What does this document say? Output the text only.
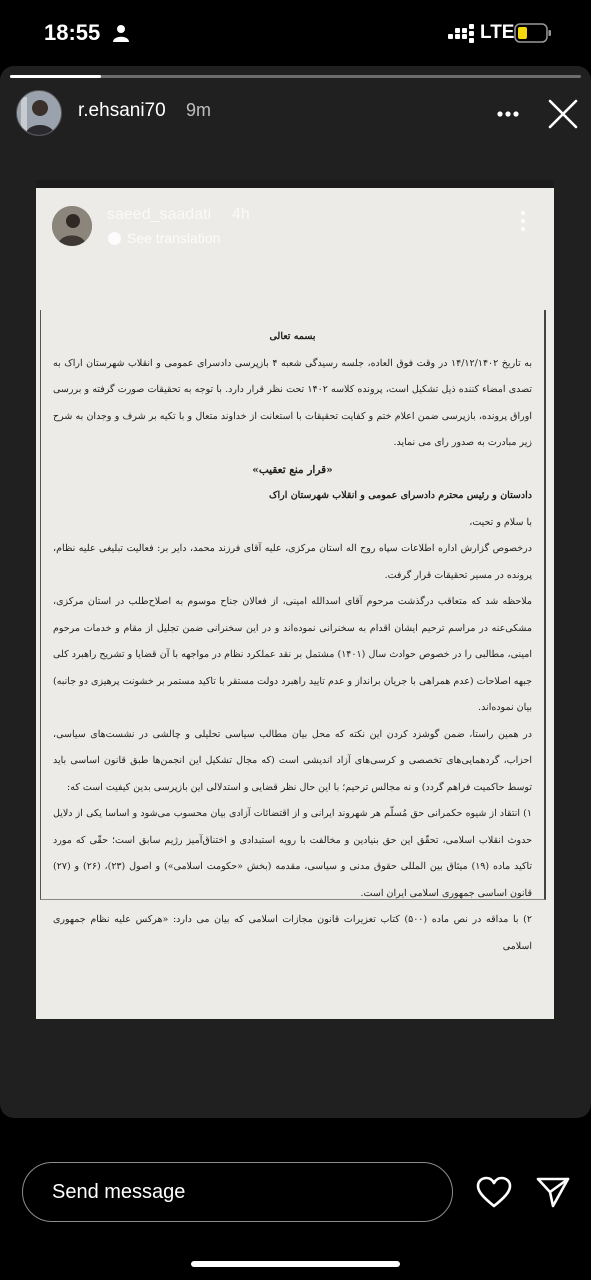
18:55	LTE
r.ehsani70 9m
saeed_saadati 4h
See translation

بسمه تعالی

به تاریخ ۱۴/۱۲/۱۴۰۲ در وقت فوق العاده، جلسه رسیدگی شعبه ۴ بازپرسی دادسرای عمومی و انقلاب شهرستان اراک به تصدی امضاء کننده ذیل تشکیل است، پرونده کلاسه ۱۴۰۲ تحت نظر قرار دارد. با توجه به تحقیقات صورت گرفته و بررسی اوراق پرونده، بازپرسی ضمن اعلام ختم و کفایت تحقیقات با استعانت از خداوند متعال و با تکیه بر شرف و وجدان به شرح زیر مبادرت به صدور رای می نماید.

«قرار منع تعقیب»

دادستان و رئیس محترم دادسرای عمومی و انقلاب شهرستان اراک

با سلام و تحیت،

درخصوص گزارش اداره اطلاعات سپاه روح اله استان مرکزی، علیه آقای فرزند محمد، دایر بر: فعالیت تبلیغی علیه نظام، پرونده در مسیر تحقیقات قرار گرفت.

ملاحظه شد که متعاقب درگذشت مرحوم آقای اسدالله امینی، از فعالان جناح موسوم به اصلاح‌طلب در استان مرکزی، مشکی‌عنه در مراسم ترحیم ایشان اقدام به سخنرانی نموده‌اند و در این سخنرانی ضمن تجلیل از مقام و خدمات مرحوم امینی، مطالبی را در خصوص حوادث سال (۱۴۰۱) مشتمل بر نقد عملکرد نظام در مواجهه با آن قضایا و تشریح راهبرد کلی جبهه اصلاحات (عدم همراهی با جریان برانداز و عدم تایید راهبرد دولت مستقر با تاکید مستمر بر خشونت پرهیزی دو جانبه) بیان نموده‌اند.

در همین راستا، ضمن گوشزد کردن این نکته که محل بیان مطالب سیاسی تحلیلی و چالشی در نشست‌های سیاسی، احزاب، گردهمایی‌های تخصصی و کرسی‌های آزاد اندیشی است (که مجال تشکیل این انجمن‌ها طبق قانون اساسی باید توسط حاکمیت فراهم گردد) و نه مجالس ترحیم؛ با این حال نظر قضایی و استدلالی این بازپرسی بدین کیفیت است که:

۱) انتقاد از شیوه حکمرانی حق مُسلّم هر شهروند ایرانی و از اقتضائات آزادی بیان محسوب می‌شود و اساسا یکی از دلایل حدوث انقلاب اسلامی، تحقّق این حق بنیادین و مخالفت با رویه استبدادی و اختناق‌آمیز رژیم سابق است؛ حقّی که مورد تاکید ماده (۱۹) میثاق بین المللی حقوق مدنی و سیاسی، مقدمه (بخش «حکومت اسلامی») و اصول (۲۳)، (۲۶) و (۲۷) قانون اساسی جمهوری اسلامی ایران است.

۲) با مداقه در نص ماده (۵۰۰) کتاب تعزیرات قانون مجازات اسلامی که بیان می دارد: «هرکس علیه نظام جمهوری اسلامی

Send message
